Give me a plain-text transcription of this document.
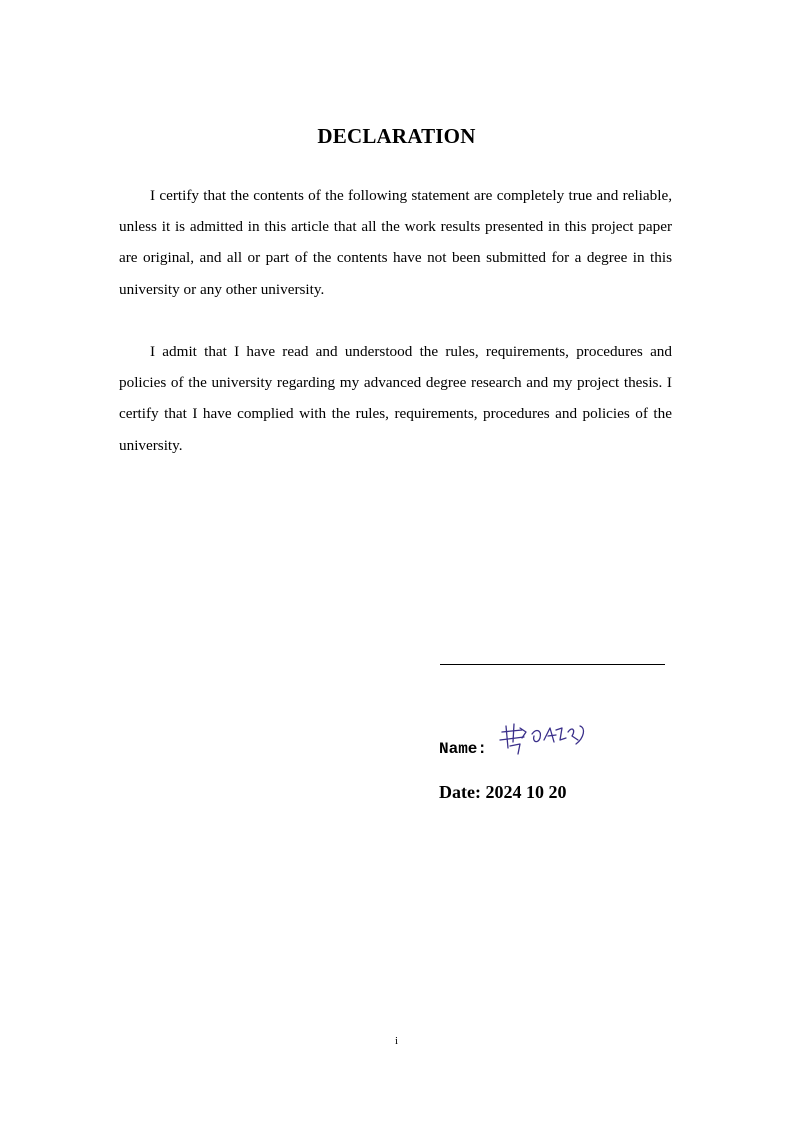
DECLARATION

I certify that the contents of the following statement are completely true and reliable, unless it is admitted in this article that all the work results presented in this project paper are original, and all or part of the contents have not been submitted for a degree in this university or any other university.

I admit that I have read and understood the rules, requirements, procedures and policies of the university regarding my advanced degree research and my project thesis. I certify that I have complied with the rules, requirements, procedures and policies of the university.

Name:
Date: 2024 10 20
i
